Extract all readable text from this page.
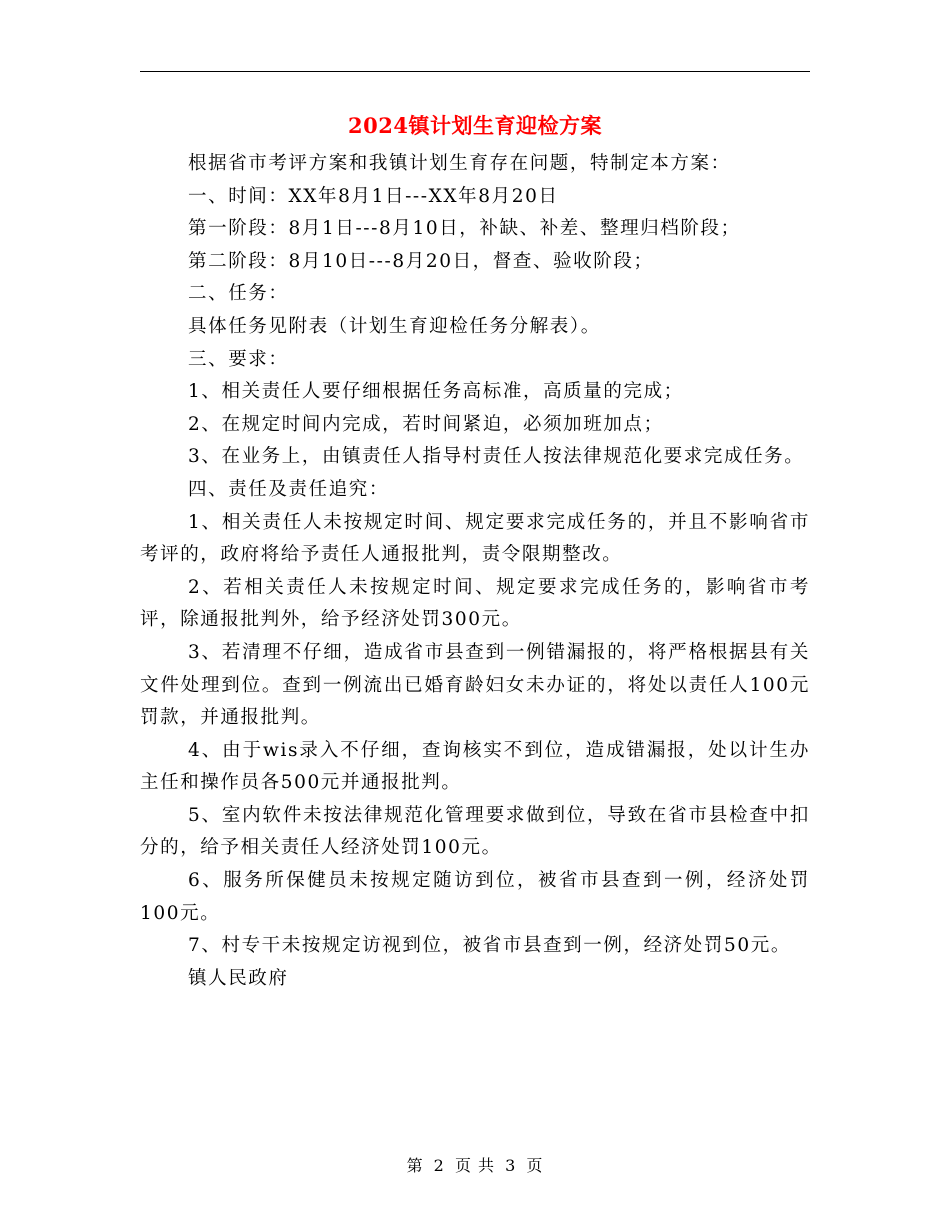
2024镇计划生育迎检方案

根据省市考评方案和我镇计划生育存在问题，特制定本方案：

一、时间：XX年8月1日---XX年8月20日

第一阶段：8月1日---8月10日，补缺、补差、整理归档阶段；

第二阶段：8月10日---8月20日，督查、验收阶段；

二、任务：

具体任务见附表（计划生育迎检任务分解表）。

三、要求：

1、相关责任人要仔细根据任务高标准，高质量的完成；

2、在规定时间内完成，若时间紧迫，必须加班加点；

3、在业务上，由镇责任人指导村责任人按法律规范化要求完成任务。

四、责任及责任追究：

1、相关责任人未按规定时间、规定要求完成任务的，并且不影响省市考评的，政府将给予责任人通报批判，责令限期整改。

2、若相关责任人未按规定时间、规定要求完成任务的，影响省市考评，除通报批判外，给予经济处罚300元。

3、若清理不仔细，造成省市县查到一例错漏报的，将严格根据县有关文件处理到位。查到一例流出已婚育龄妇女未办证的，将处以责任人100元罚款，并通报批判。

4、由于wis录入不仔细，查询核实不到位，造成错漏报，处以计生办主任和操作员各500元并通报批判。

5、室内软件未按法律规范化管理要求做到位，导致在省市县检查中扣分的，给予相关责任人经济处罚100元。

6、服务所保健员未按规定随访到位，被省市县查到一例，经济处罚100元。

7、村专干未按规定访视到位，被省市县查到一例，经济处罚50元。

镇人民政府

第 2 页 共 3 页
